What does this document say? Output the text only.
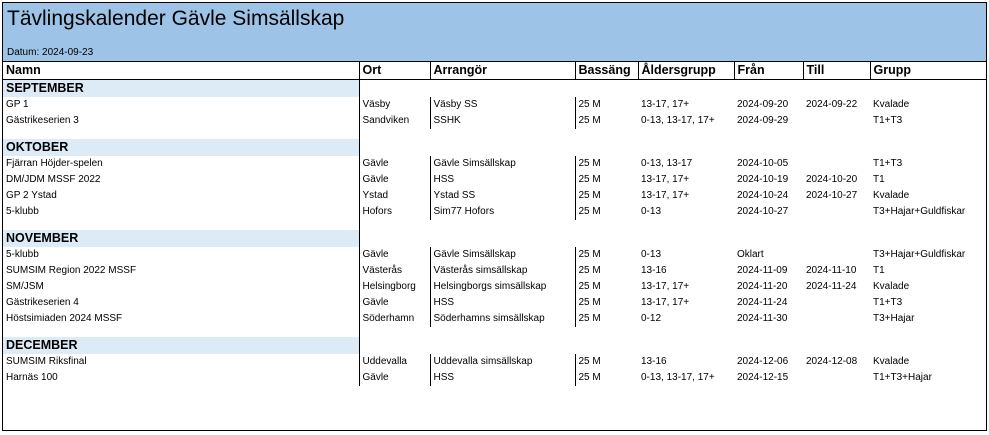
Tävlingskalender Gävle Simsällskap
Datum: 2024-09-23
Namn	Ort	Arrangör	Bassäng	Åldersgrupp	Från	Till	Grupp
SEPTEMBER							
GP 1	Väsby	Väsby SS	25 M	13-17, 17+	2024-09-20	2024-09-22	Kvalade
Gästrikeserien 3	Sandviken	SSHK	25 M	0-13, 13-17, 17+	2024-09-29		T1+T3

OKTOBER							
Fjärran Höjder-spelen	Gävle	Gävle Simsällskap	25 M	0-13, 13-17	2024-10-05		T1+T3
DM/JDM MSSF 2022	Gävle	HSS	25 M	13-17, 17+	2024-10-19	2024-10-20	T1
GP 2 Ystad	Ystad	Ystad SS	25 M	13-17, 17+	2024-10-24	2024-10-27	Kvalade
5-klubb	Hofors	Sim77 Hofors	25 M	0-13	2024-10-27		T3+Hajar+Guldfiskar

NOVEMBER							
5-klubb	Gävle	Gävle Simsällskap	25 M	0-13	Oklart		T3+Hajar+Guldfiskar
SUMSIM Region 2022 MSSF	Västerås	Västerås simsällskap	25 M	13-16	2024-11-09	2024-11-10	T1
SM/JSM	Helsingborg	Helsingborgs simsällskap	25 M	13-17, 17+	2024-11-20	2024-11-24	Kvalade
Gästrikeserien 4	Gävle	HSS	25 M	13-17, 17+	2024-11-24		T1+T3
Höstsimiaden 2024 MSSF	Söderhamn	Söderhamns simsällskap	25 M	0-12	2024-11-30		T3+Hajar

DECEMBER							
SUMSIM Riksfinal	Uddevalla	Uddevalla simsällskap	25 M	13-16	2024-12-06	2024-12-08	Kvalade
Harnäs 100	Gävle	HSS	25 M	0-13, 13-17, 17+	2024-12-15		T1+T3+Hajar
